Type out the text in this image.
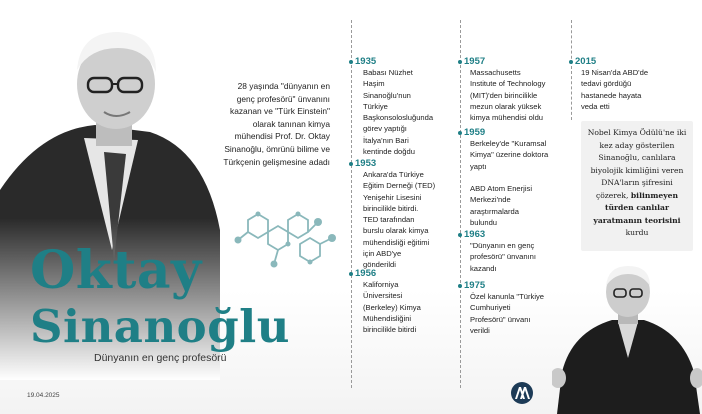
28 yaşında "dünyanın en genç profesörü" ünvanını kazanan ve "Türk Einstein" olarak tanınan kimya mühendisi Prof. Dr. Oktay Sinanoğlu, ömrünü bilime ve Türkçenin gelişmesine adadı
Oktay
Sinanoğlu
Dünyanın en genç profesörü
19.04.2025
1935
Babası Nüzhet
Haşim
Sinanoğlu'nun
Türkiye
Başkonsolosluğunda
görev yaptığı
İtalya'nın Bari
kentinde doğdu
1953
Ankara'da Türkiye
Eğitim Derneği (TED)
Yenişehir Lisesini
birincilikle bitirdi.
TED tarafından
burslu olarak kimya
mühendisliği eğitimi
için ABD'ye
gönderildi
1956
Kaliforniya
Üniversitesi
(Berkeley) Kimya
Mühendisliğini
birincilikle bitirdi
1957
Massachusetts
Institute of Technology
(MIT)'den birincilikle
mezun olarak yüksek
kimya mühendisi oldu
1959
Berkeley'de "Kuramsal
Kimya" üzerine doktora
yaptı

ABD Atom Enerjisi
Merkezi'nde
araştırmalarda
bulundu
1963
"Dünyanın en genç
profesörü" ünvanını
kazandı
1975
Özel kanunla "Türkiye
Cumhuriyeti
Profesörü" ünvanı
verildi
2015
19 Nisan'da ABD'de
tedavi gördüğü
hastanede hayata
veda etti
Nobel Kimya Ödülü'ne iki kez aday gösterilen Sinanoğlu, canlılara biyolojik kimliğini veren DNA'ların şifresini çözerek, bilinmeyen türden canlılar yaratmanın teorisini kurdu
